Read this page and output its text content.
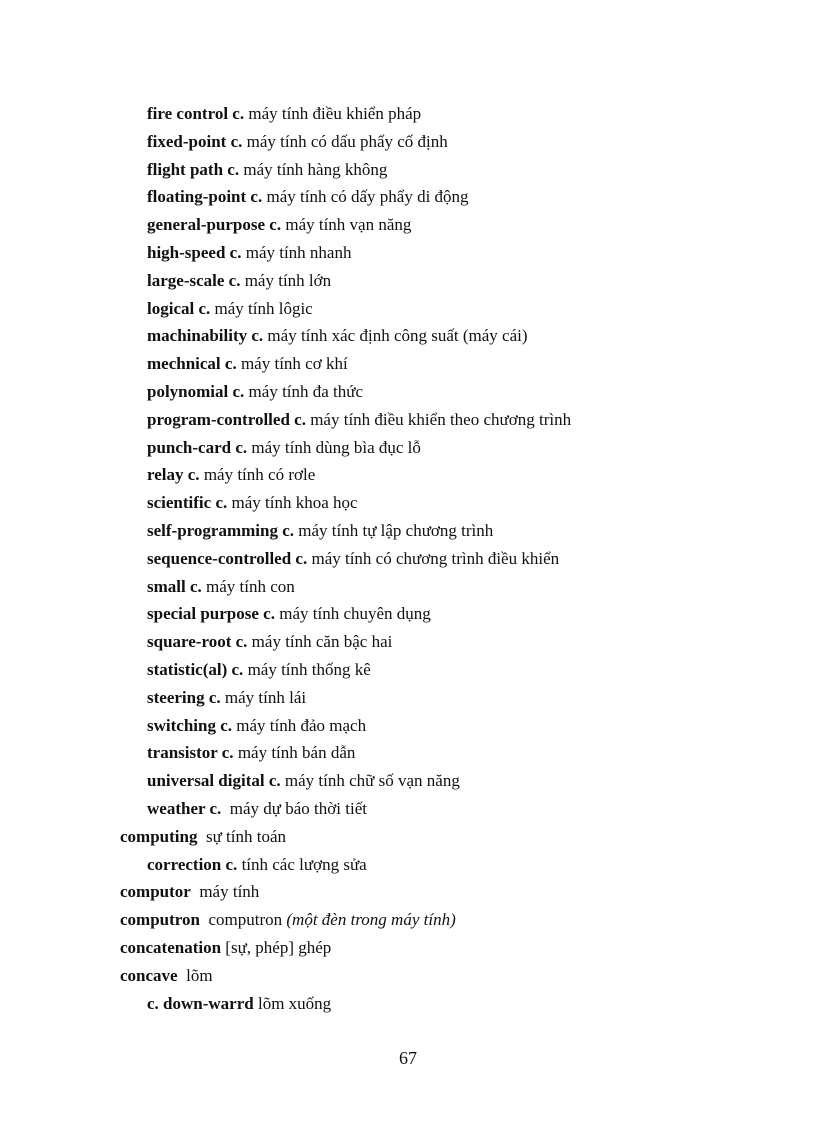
fire control c. máy tính điều khiển pháp
fixed-point c. máy tính có dấu phẩy cố định
flight path c. máy tính hàng không
floating-point c. máy tính có dấy phẩy di động
general-purpose c. máy tính vạn năng
high-speed c. máy tính nhanh
large-scale c. máy tính lớn
logical c. máy tính lôgic
machinability c. máy tính xác định công suất (máy cái)
mechnical c. máy tính cơ khí
polynomial c. máy tính đa thức
program-controlled c. máy tính điều khiển theo chương trình
punch-card c. máy tính dùng bìa đục lỗ
relay c. máy tính có rơle
scientific c. máy tính khoa học
self-programming c. máy tính tự lập chương trình
sequence-controlled c. máy tính có chương trình điều khiển
small c. máy tính con
special purpose c. máy tính chuyên dụng
square-root c. máy tính căn bậc hai
statistic(al) c. máy tính thống kê
steering c. máy tính lái
switching c. máy tính đảo mạch
transistor c. máy tính bán dẫn
universal digital c. máy tính chữ số vạn năng
weather c.  máy dự báo thời tiết
computing  sự tính toán
correction c. tính các lượng sửa
computor  máy tính
computron  computron (một đèn trong máy tính)
concatenation [sự, phép] ghép
concave  lõm
c. down-warrd lõm xuống
67
